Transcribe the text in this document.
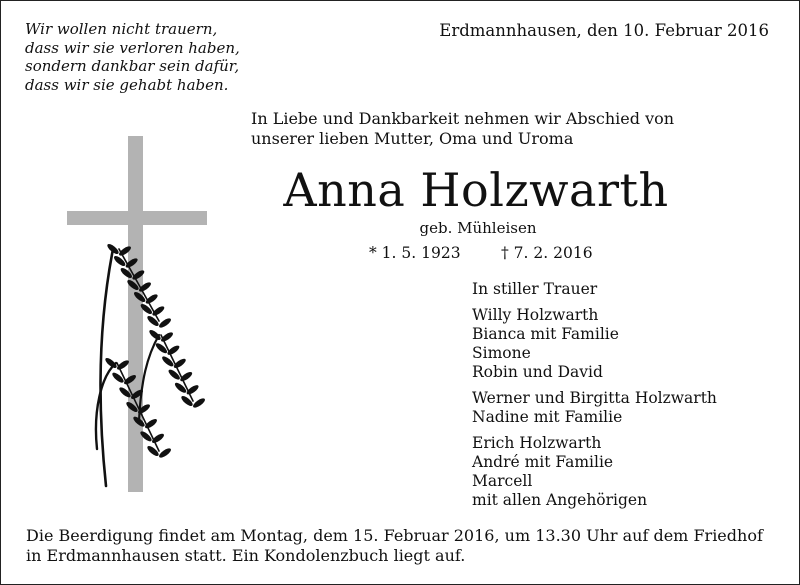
Wir wollen nicht trauern,
dass wir sie verloren haben,
sondern dankbar sein dafür,
dass wir sie gehabt haben.
Erdmannhausen, den 10. Februar 2016
In Liebe und Dankbarkeit nehmen wir Abschied von
unserer lieben Mutter, Oma und Uroma
Anna Holzwarth
geb. Mühleisen
* 1. 5. 1923	† 7. 2. 2016
In stiller Trauer
Willy Holzwarth
Bianca mit Familie
Simone
Robin und David
Werner und Birgitta Holzwarth
Nadine mit Familie
Erich Holzwarth
André mit Familie
Marcell
mit allen Angehörigen
Die Beerdigung findet am Montag, dem 15. Februar 2016, um 13.30 Uhr auf dem Friedhof
in Erdmannhausen statt. Ein Kondolenzbuch liegt auf.
